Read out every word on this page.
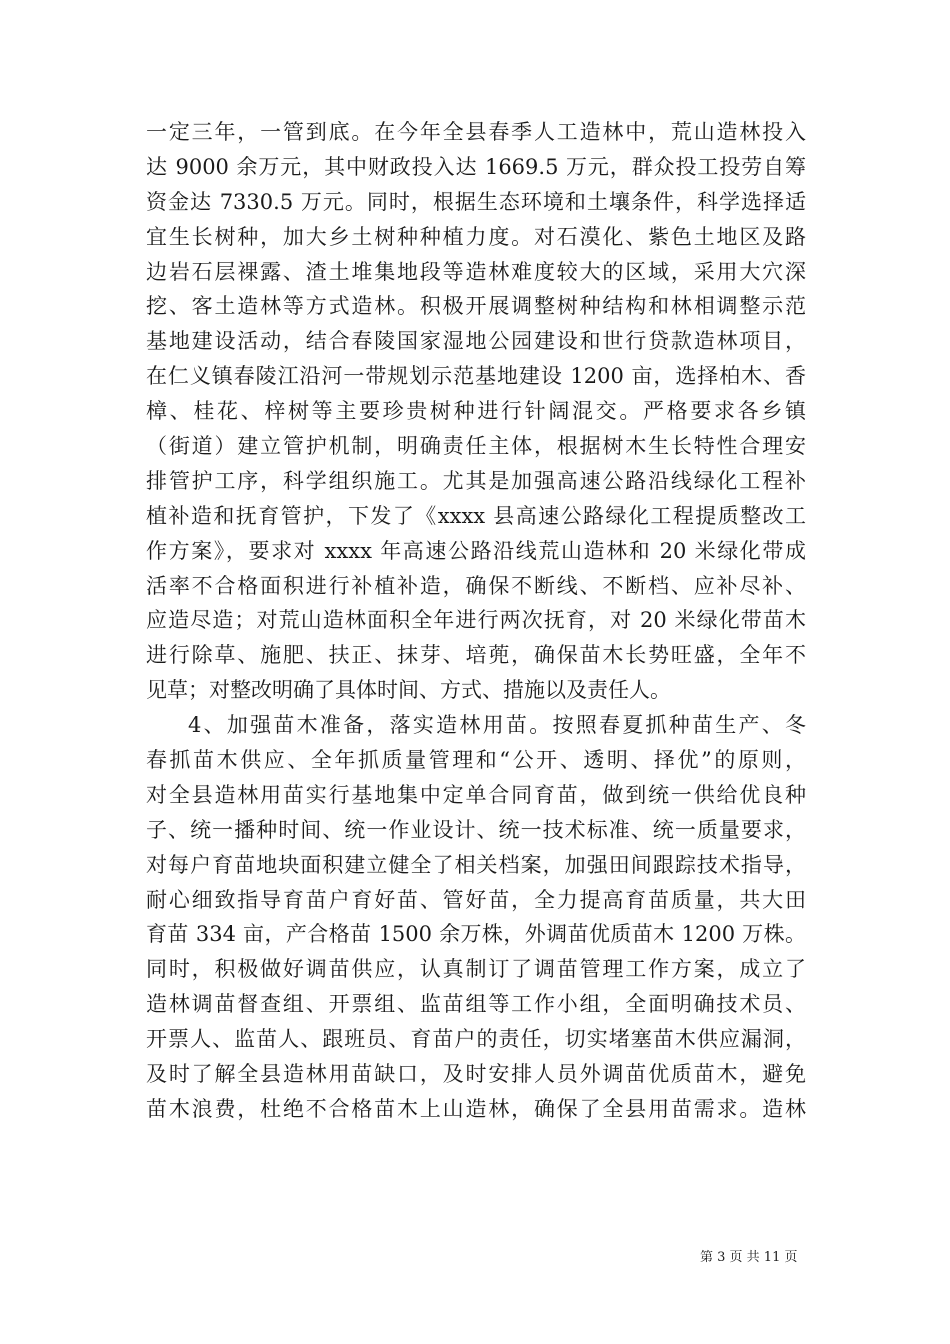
一定三年，一管到底。在今年全县春季人工造林中，荒山造林投入
达 9000 余万元，其中财政投入达 1669.5 万元，群众投工投劳自筹
资金达 7330.5 万元。同时，根据生态环境和土壤条件，科学选择适
宜生长树种，加大乡土树种种植力度。对石漠化、紫色土地区及路
边岩石层裸露、渣土堆集地段等造林难度较大的区域，采用大穴深
挖、客土造林等方式造林。积极开展调整树种结构和林相调整示范
基地建设活动，结合春陵国家湿地公园建设和世行贷款造林项目，
在仁义镇春陵江沿河一带规划示范基地建设 1200 亩，选择柏木、香
樟、桂花、梓树等主要珍贵树种进行针阔混交。严格要求各乡镇
（街道）建立管护机制，明确责任主体，根据树木生长特性合理安
排管护工序，科学组织施工。尤其是加强高速公路沿线绿化工程补
植补造和抚育管护，下发了《xxxx 县高速公路绿化工程提质整改工
作方案》，要求对 xxxx 年高速公路沿线荒山造林和 20 米绿化带成
活率不合格面积进行补植补造，确保不断线、不断档、应补尽补、
应造尽造；对荒山造林面积全年进行两次抚育，对 20 米绿化带苗木
进行除草、施肥、扶正、抹芽、培蔸，确保苗木长势旺盛，全年不
见草；对整改明确了具体时间、方式、措施以及责任人。
4、加强苗木准备，落实造林用苗。按照春夏抓种苗生产、冬
春抓苗木供应、全年抓质量管理和“公开、透明、择优”的原则，
对全县造林用苗实行基地集中定单合同育苗，做到统一供给优良种
子、统一播种时间、统一作业设计、统一技术标准、统一质量要求，
对每户育苗地块面积建立健全了相关档案，加强田间跟踪技术指导，
耐心细致指导育苗户育好苗、管好苗，全力提高育苗质量，共大田
育苗 334 亩，产合格苗 1500 余万株，外调苗优质苗木 1200 万株。
同时，积极做好调苗供应，认真制订了调苗管理工作方案，成立了
造林调苗督查组、开票组、监苗组等工作小组，全面明确技术员、
开票人、监苗人、跟班员、育苗户的责任，切实堵塞苗木供应漏洞，
及时了解全县造林用苗缺口，及时安排人员外调苗优质苗木，避免
苗木浪费，杜绝不合格苗木上山造林，确保了全县用苗需求。造林
第 3 页 共 11 页
